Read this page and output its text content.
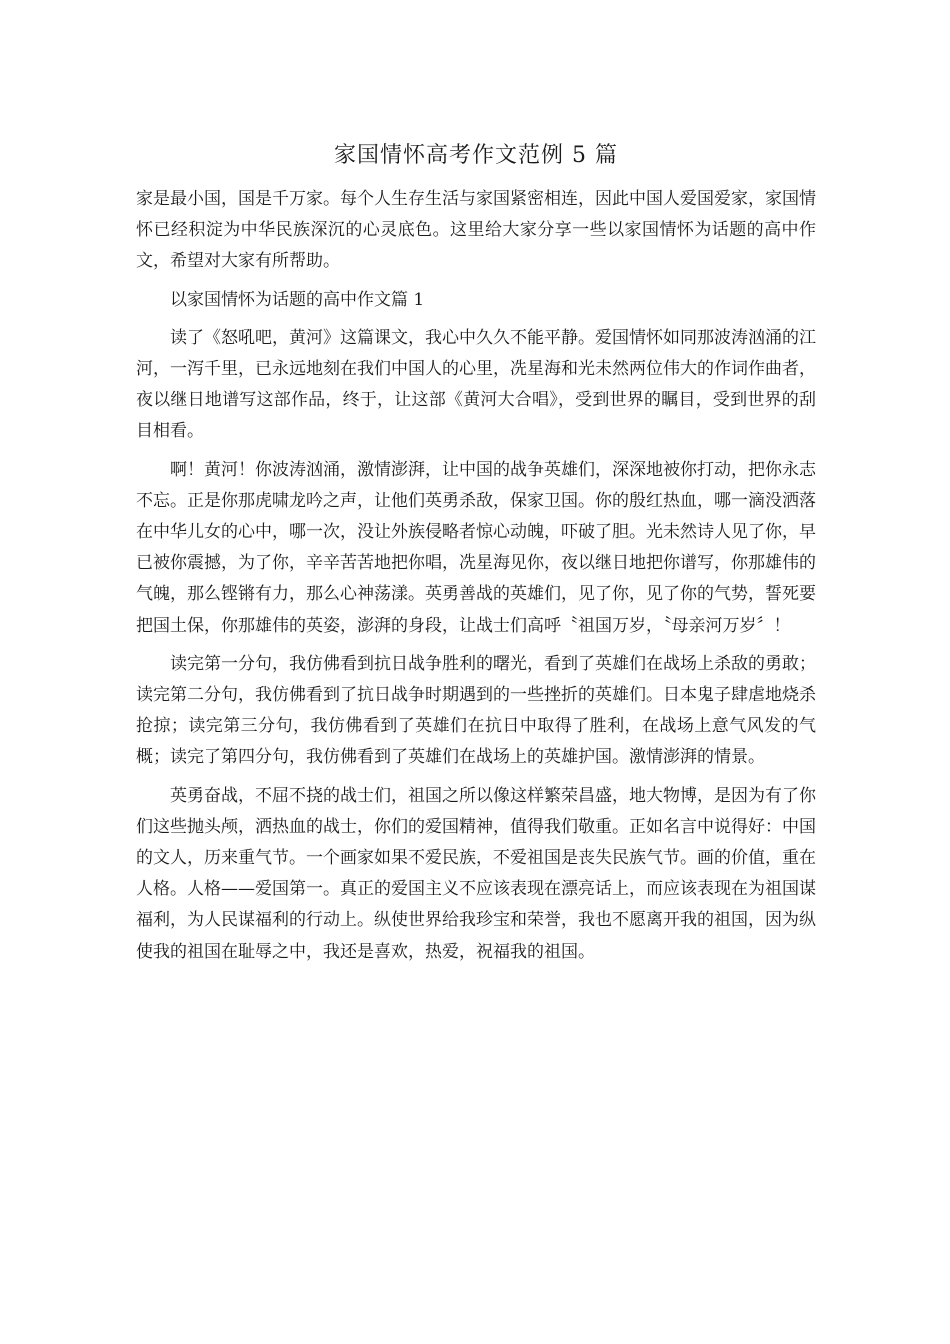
家国情怀高考作文范例 5 篇

家是最小国，国是千万家。每个人生存生活与家国紧密相连，因此中国人爱国爱家，家国情怀已经积淀为中华民族深沉的心灵底色。这里给大家分享一些以家国情怀为话题的高中作文，希望对大家有所帮助。

以家国情怀为话题的高中作文篇 1

读了《怒吼吧，黄河》这篇课文，我心中久久不能平静。爱国情怀如同那波涛汹涌的江河，一泻千里，已永远地刻在我们中国人的心里，冼星海和光未然两位伟大的作词作曲者，夜以继日地谱写这部作品，终于，让这部《黄河大合唱》，受到世界的瞩目，受到世界的刮目相看。

啊！黄河！你波涛汹涌，激情澎湃，让中国的战争英雄们，深深地被你打动，把你永志不忘。正是你那虎啸龙吟之声，让他们英勇杀敌，保家卫国。你的殷红热血，哪一滴没洒落在中华儿女的心中，哪一次，没让外族侵略者惊心动魄，吓破了胆。光未然诗人见了你，早已被你震撼，为了你，辛辛苦苦地把你唱，冼星海见你，夜以继日地把你谱写，你那雄伟的气魄，那么铿锵有力，那么心神荡漾。英勇善战的英雄们，见了你，见了你的气势，誓死要把国土保，你那雄伟的英姿，澎湃的身段，让战士们高呼〝祖国万岁，〝母亲河万岁〞！

读完第一分句，我仿佛看到抗日战争胜利的曙光，看到了英雄们在战场上杀敌的勇敢；读完第二分句，我仿佛看到了抗日战争时期遇到的一些挫折的英雄们。日本鬼子肆虐地烧杀抢掠；读完第三分句，我仿佛看到了英雄们在抗日中取得了胜利，在战场上意气风发的气概；读完了第四分句，我仿佛看到了英雄们在战场上的英雄护国。激情澎湃的情景。

英勇奋战，不屈不挠的战士们，祖国之所以像这样繁荣昌盛，地大物博，是因为有了你们这些抛头颅，洒热血的战士，你们的爱国精神，值得我们敬重。正如名言中说得好：中国的文人，历来重气节。一个画家如果不爱民族，不爱祖国是丧失民族气节。画的价值，重在人格。人格——爱国第一。真正的爱国主义不应该表现在漂亮话上，而应该表现在为祖国谋福利，为人民谋福利的行动上。纵使世界给我珍宝和荣誉，我也不愿离开我的祖国，因为纵使我的祖国在耻辱之中，我还是喜欢，热爱，祝福我的祖国。
